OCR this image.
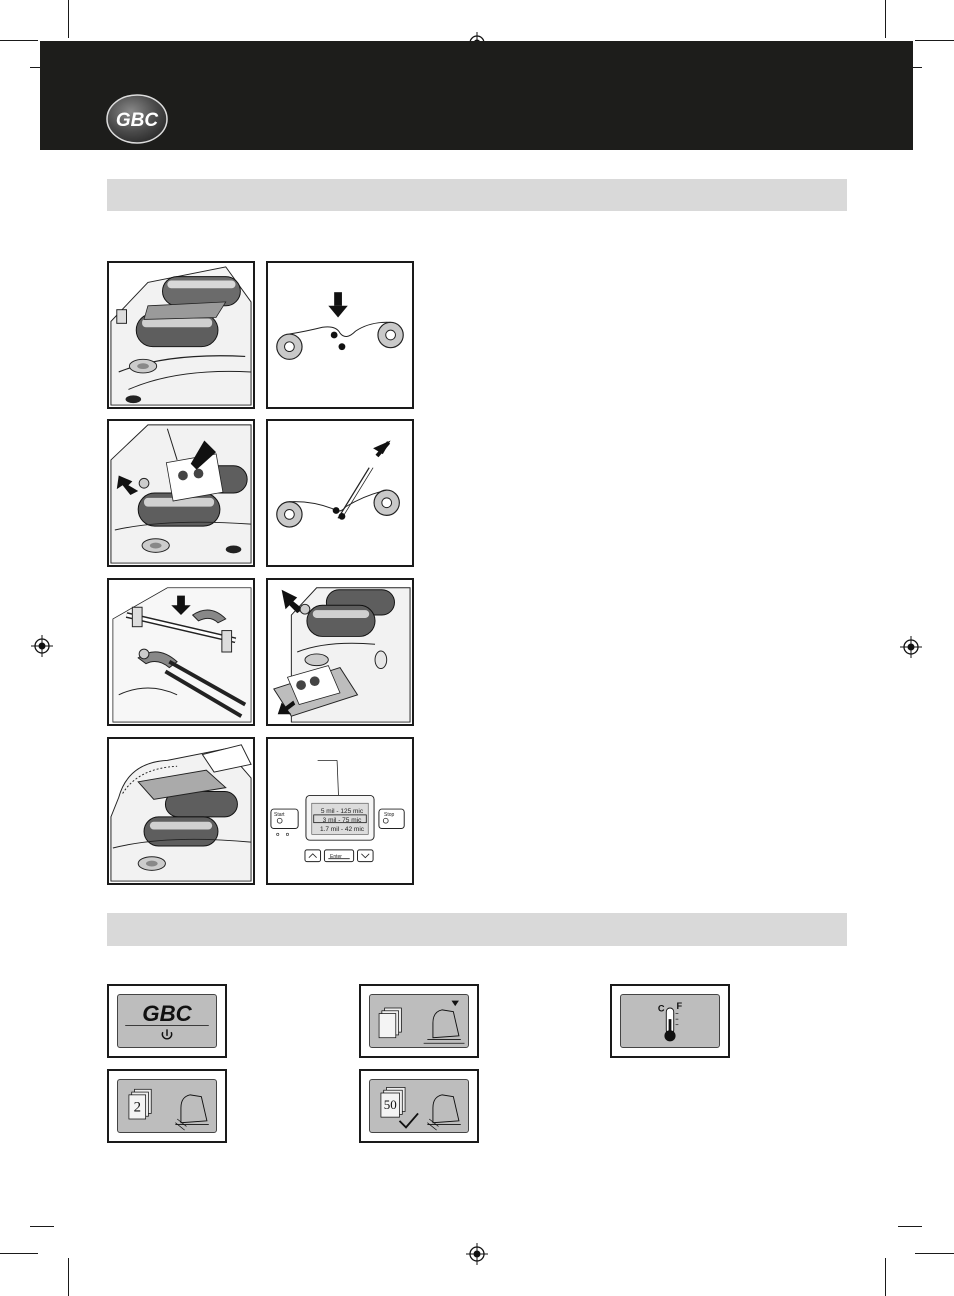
GBC
5 mil - 125 mic
3 mil - 75 mic
1.7 mil - 42 mic
Start	Stop
Enter
GBC	C F
2	50
